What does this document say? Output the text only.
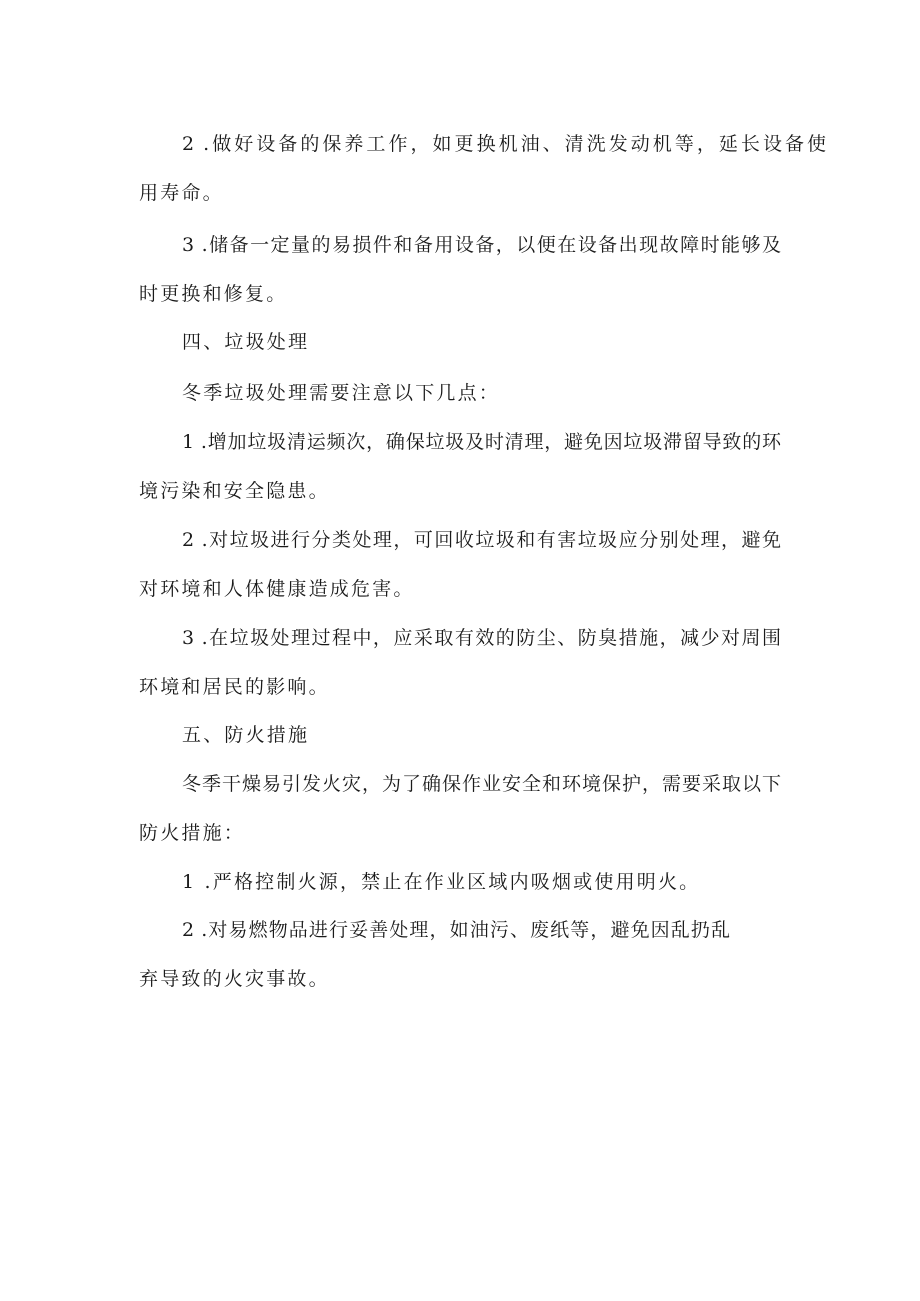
2 .做好设备的保养工作，如更换机油、清洗发动机等，延长设备使
用寿命。
3 .储备一定量的易损件和备用设备，以便在设备出现故障时能够及
时更换和修复。
四、垃圾处理
冬季垃圾处理需要注意以下几点：
1 .增加垃圾清运频次，确保垃圾及时清理，避免因垃圾滞留导致的环
境污染和安全隐患。
2 .对垃圾进行分类处理，可回收垃圾和有害垃圾应分别处理，避免
对环境和人体健康造成危害。
3 .在垃圾处理过程中，应采取有效的防尘、防臭措施，减少对周围
环境和居民的影响。
五、防火措施
冬季干燥易引发火灾，为了确保作业安全和环境保护，需要采取以下
防火措施：
1 .严格控制火源，禁止在作业区域内吸烟或使用明火。
2 .对易燃物品进行妥善处理，如油污、废纸等，避免因乱扔乱
弃导致的火灾事故。
